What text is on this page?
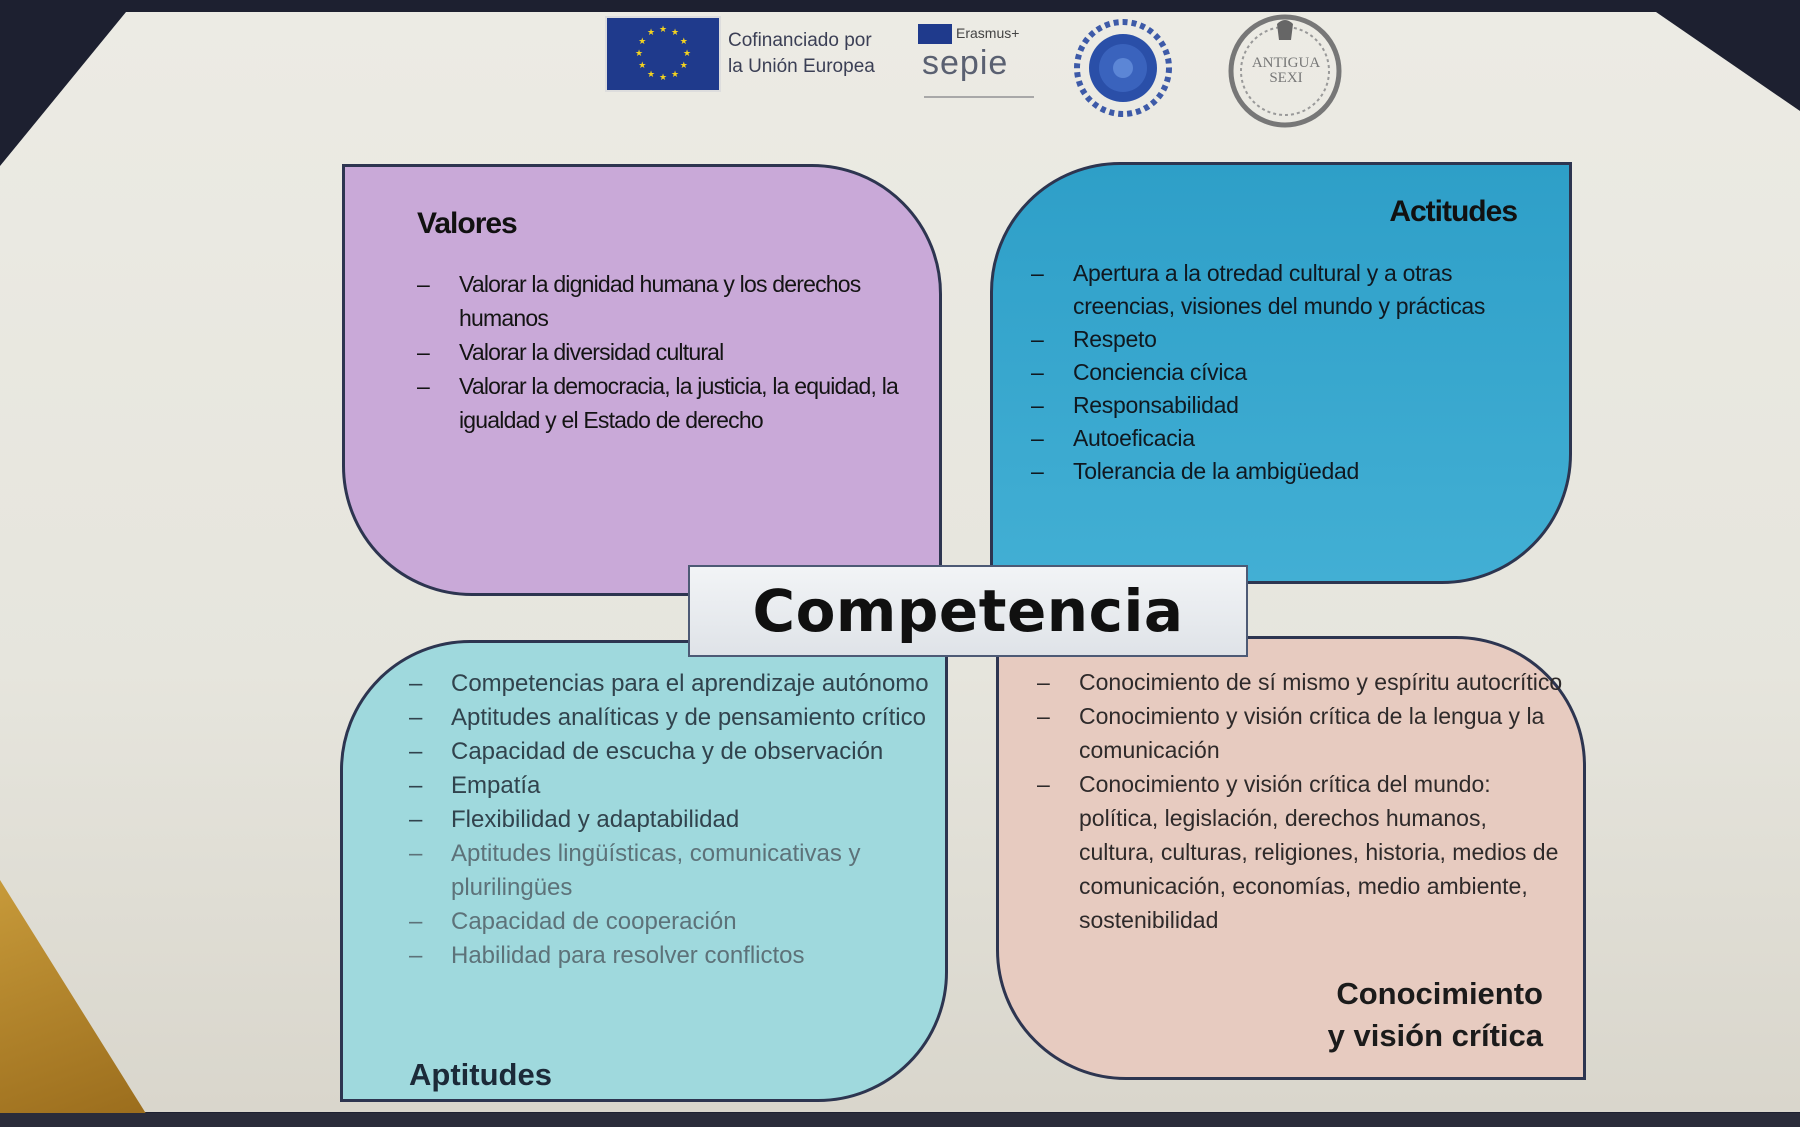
★ ★
★
★
★
★
★
★
★
★
★
★	Cofinanciado por
la Unión Europea
Erasmus+
sepie	ANTIGUA
SEXI
Valores
– Valorar la dignidad humana y los derechos humanos
– Valorar la diversidad cultural
– Valorar la democracia, la justicia, la equidad, la igualdad y el Estado de derecho
Actitudes
– Apertura a la otredad cultural y a otras creencias, visiones del mundo y prácticas
– Respeto
– Conciencia cívica
– Responsabilidad
– Autoeficacia
– Tolerancia de la ambigüedad
– Competencias para el aprendizaje autónomo
– Aptitudes analíticas y de pensamiento crítico
– Capacidad de escucha y de observación
– Empatía
– Flexibilidad y adaptabilidad
– Aptitudes lingüísticas, comunicativas y plurilingües
– Capacidad de cooperación
– Habilidad para resolver conflictos
Aptitudes
– Conocimiento de sí mismo y espíritu autocrítico
– Conocimiento y visión crítica de la lengua y la comunicación
– Conocimiento y visión crítica del mundo: política, legislación, derechos humanos, cultura, culturas, religiones, historia, medios de comunicación, economías, medio ambiente, sostenibilidad
Conocimiento
y visión crítica
Competencia
